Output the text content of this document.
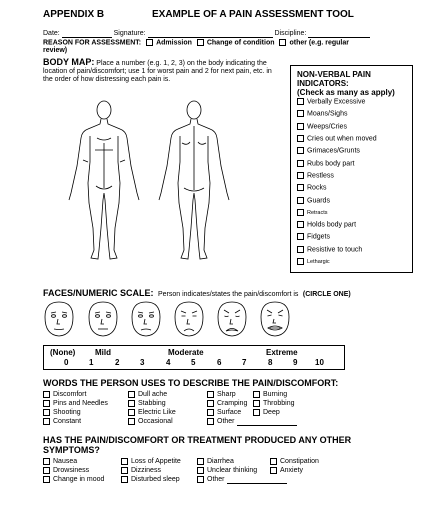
APPENDIX B	EXAMPLE OF A PAIN ASSESSMENT TOOL
Date:	Signature:	Discipline:
REASON FOR ASSESSMENT: Admission Change of condition other (e.g. regular review)
BODY MAP: Place a number (e.g. 1, 2, 3) on the body indicating the location of pain/discomfort; use 1 for worst pain and 2 for next pain, etc. in the order of how distressing each pain is.
NON-VERBAL PAIN
INDICATORS:
(Check as many as apply)
Verbally Excessive
Moans/Sighs
Weeps/Cries
Cries out when moved
Grimaces/Grunts
Rubs body part
Restless
Rocks
Guards
Retracts
Holds body part
Fidgets
Resistive to touch
Lethargic
FACES/NUMERIC SCALE: Person indicates/states the pain/discomfort is (CIRCLE ONE)
(None) Mild	Moderate	Extreme
0	1	2	3	4	5	6	7	8	9 10
WORDS THE PERSON USES TO DESCRIBE THE PAIN/DISCOMFORT:
Discomfort	Dull ache	Sharp	Burning
Pins and Needles	Stabbing	Cramping	Throbbing
Shooting	Electric Like	Surface	Deep
Constant	Occasional	Other
HAS THE PAIN/DISCOMFORT OR TREATMENT PRODUCED ANY OTHER
SYMPTOMS?
Nausea	Loss of Appetite	Diarrhea	Constipation
Drowsiness	Dizziness	Unclear thinking	Anxiety
Change in mood	Disturbed sleep	Other
